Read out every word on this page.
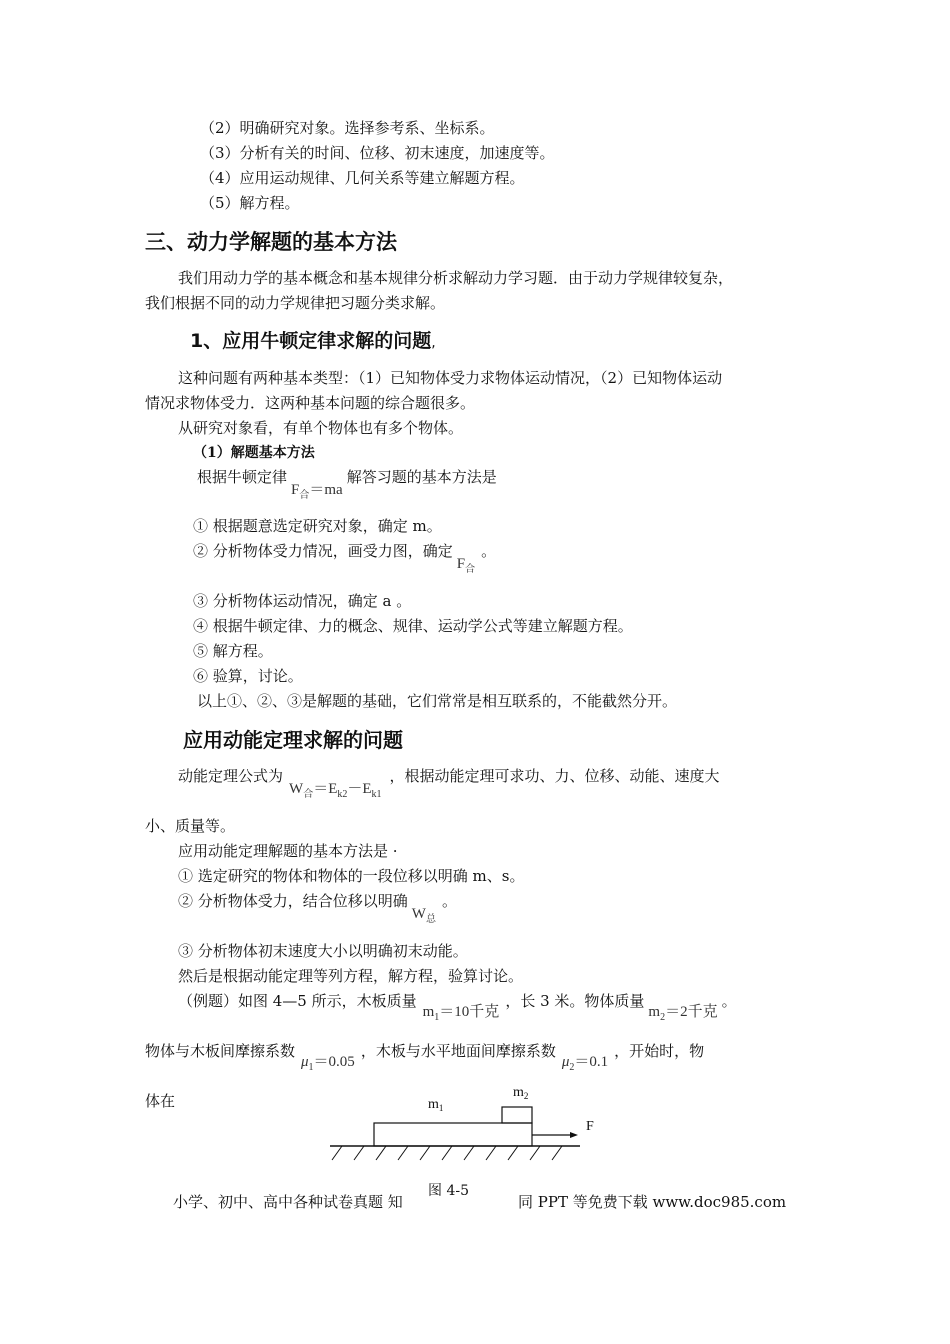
（2）明确研究对象。选择参考系、坐标系。
（3）分析有关的时间、位移、初末速度，加速度等。
（4）应用运动规律、几何关系等建立解题方程。
（5）解方程。
三、动力学解题的基本方法
我们用动力学的基本概念和基本规律分析求解动力学习题．由于动力学规律较复杂，
我们根据不同的动力学规律把习题分类求解。
1、应用牛顿定律求解的问题,
这种问题有两种基本类型：（1）已知物体受力求物体运动情况，（2）已知物体运动
情况求物体受力．这两种基本问题的综合题很多。
从研究对象看，有单个物体也有多个物体。
（1）解题基本方法
根据牛顿定律$F_合=ma$解答习题的基本方法是
① 根据题意选定研究对象，确定 m。
② 分析物体受力情况，画受力图，确定$F_合$。
③ 分析物体运动情况，确定 a 。
④ 根据牛顿定律、力的概念、规律、运动学公式等建立解题方程。
⑤ 解方程。
⑥ 验算，讨论。
以上①、②、③是解题的基础，它们常常是相互联系的，不能截然分开。
应用动能定理求解的问题
动能定理公式为$W_合=E_{k2}-E_{k1}$，根据动能定理可求功、力、位移、动能、速度大
小、质量等。
应用动能定理解题的基本方法是 ·
① 选定研究的物体和物体的一段位移以明确 m、s。
② 分析物体受力，结合位移以明确$W_总$。
③ 分析物体初末速度大小以明确初末动能。
然后是根据动能定理等列方程，解方程，验算讨论。
（例题）如图 4—5 所示，木板质量$m_1=10$千克，长 3 米。物体质量$m_2=2$千克。
物体与木板间摩擦系数$\mu_1=0.05$，木板与水平地面间摩擦系数$\mu_2=0.1$，开始时，物
体在	$m_1$
$m_2$
F
小学、初中、高中各种试卷真题 知
图 4-5
同 PPT 等免费下载 www.doc985.com
